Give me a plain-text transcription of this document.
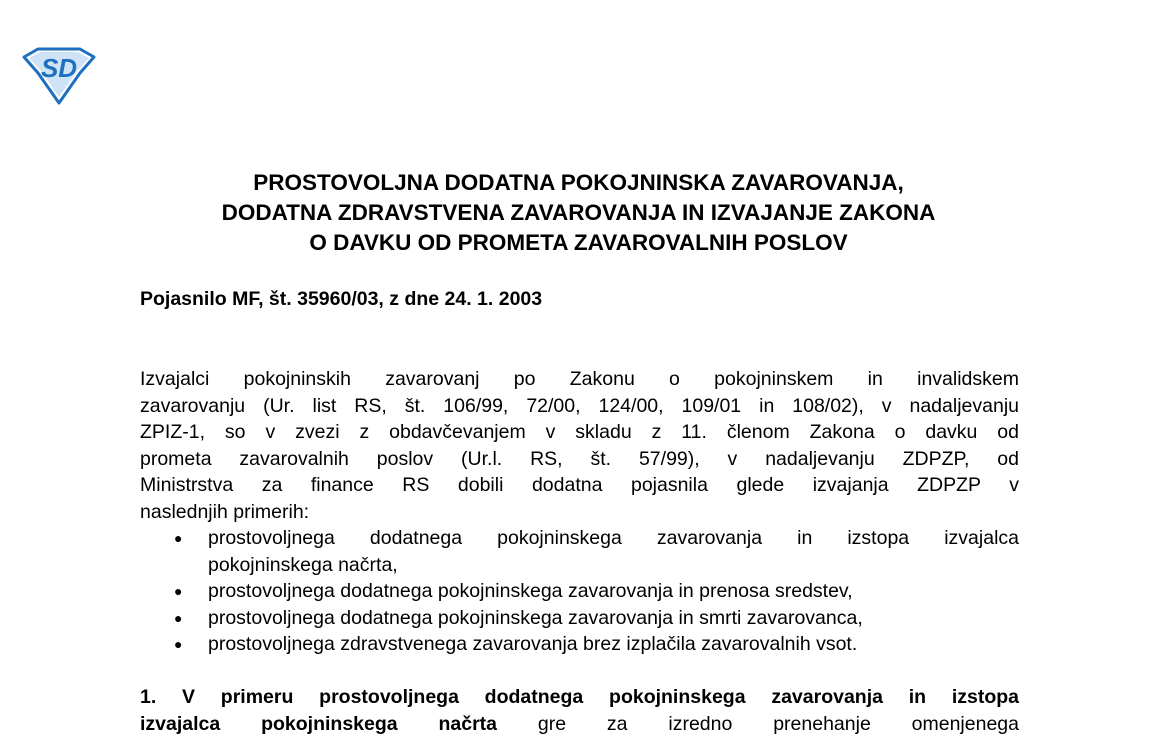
SD
PROSTOVOLJNA DODATNA POKOJNINSKA ZAVAROVANJA,
DODATNA ZDRAVSTVENA ZAVAROVANJA IN IZVAJANJE ZAKONA
O DAVKU OD PROMETA ZAVAROVALNIH POSLOV
Pojasnilo MF, št. 35960/03, z dne 24. 1. 2003
Izvajalci pokojninskih zavarovanj po Zakonu o pokojninskem in invalidskem
zavarovanju (Ur. list RS, št. 106/99, 72/00, 124/00, 109/01 in 108/02), v nadaljevanju
ZPIZ-1, so v zvezi z obdavčevanjem v skladu z 11. členom Zakona o davku od
prometa zavarovalnih poslov (Ur.l. RS, št. 57/99), v nadaljevanju ZDPZP, od
Ministrstva za finance RS dobili dodatna pojasnila glede izvajanja ZDPZP v
naslednjih primerih:
● prostovoljnega dodatnega pokojninskega zavarovanja in izstopa izvajalca
pokojninskega načrta,
● prostovoljnega dodatnega pokojninskega zavarovanja in prenosa sredstev,
● prostovoljnega dodatnega pokojninskega zavarovanja in smrti zavarovanca,
● prostovoljnega zdravstvenega zavarovanja brez izplačila zavarovalnih vsot.
1. V primeru prostovoljnega dodatnega pokojninskega zavarovanja in izstopa
izvajalca pokojninskega načrta gre za izredno prenehanje omenjenega
